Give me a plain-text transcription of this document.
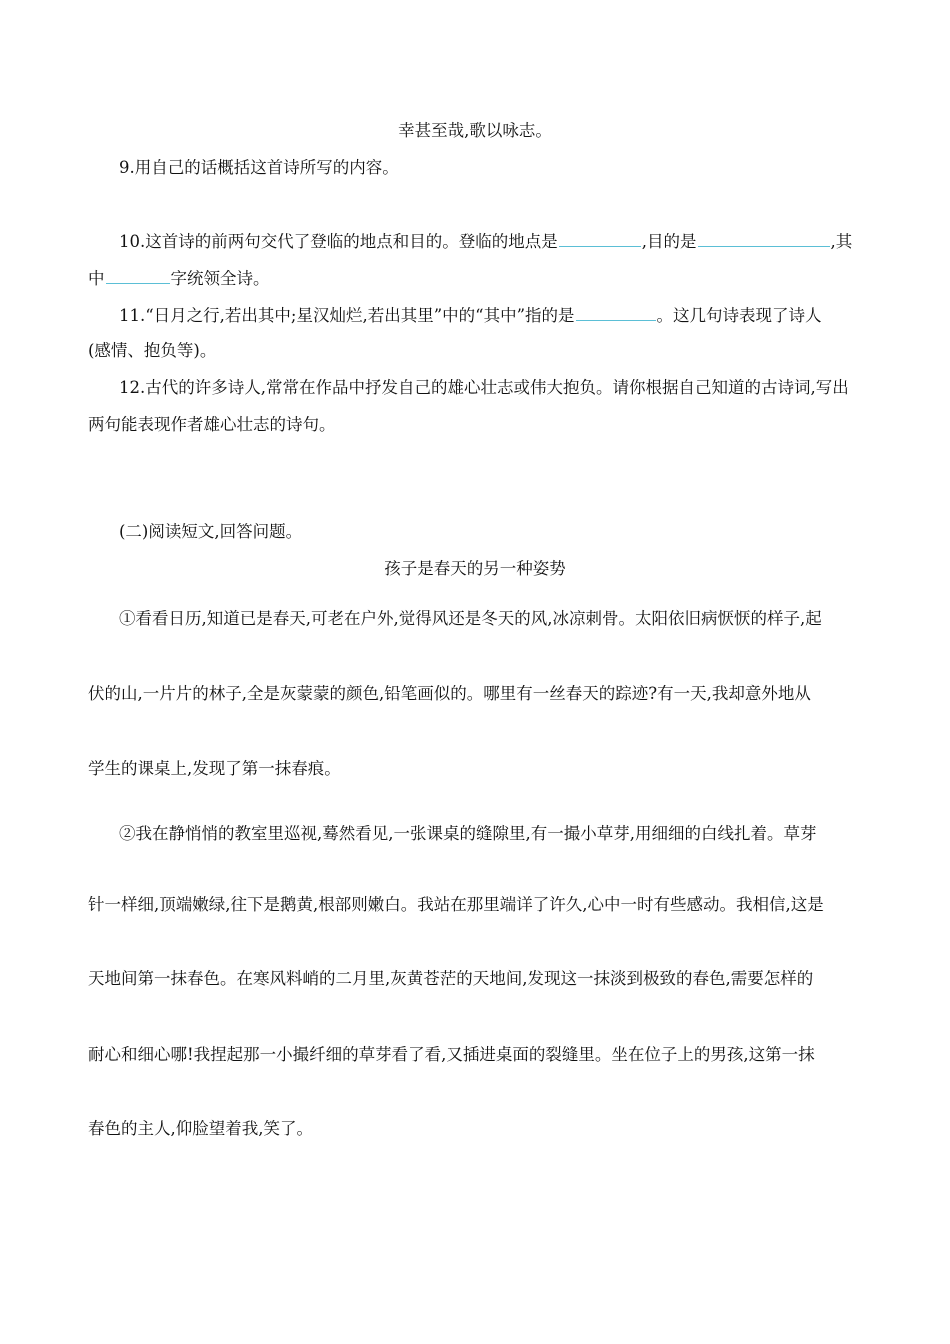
幸甚至哉,歌以咏志。
9.用自己的话概括这首诗所写的内容。
10.这首诗的前两句交代了登临的地点和目的。登临的地点是	,目的是	,其
中	字统领全诗。
11.“日月之行,若出其中;星汉灿烂,若出其里”中的“其中”指的是	。这几句诗表现了诗人
(感情、抱负等)。
12.古代的许多诗人,常常在作品中抒发自己的雄心壮志或伟大抱负。请你根据自己知道的古诗词,写出
两句能表现作者雄心壮志的诗句。
(二)阅读短文,回答问题。
孩子是春天的另一种姿势
①看看日历,知道已是春天,可老在户外,觉得风还是冬天的风,冰凉刺骨。太阳依旧病恹恹的样子,起
伏的山,一片片的林子,全是灰蒙蒙的颜色,铅笔画似的。哪里有一丝春天的踪迹?有一天,我却意外地从
学生的课桌上,发现了第一抹春痕。
②我在静悄悄的教室里巡视,蓦然看见,一张课桌的缝隙里,有一撮小草芽,用细细的白线扎着。草芽
针一样细,顶端嫩绿,往下是鹅黄,根部则嫩白。我站在那里端详了许久,心中一时有些感动。我相信,这是
天地间第一抹春色。在寒风料峭的二月里,灰黄苍茫的天地间,发现这一抹淡到极致的春色,需要怎样的
耐心和细心哪!我捏起那一小撮纤细的草芽看了看,又插进桌面的裂缝里。坐在位子上的男孩,这第一抹
春色的主人,仰脸望着我,笑了。
